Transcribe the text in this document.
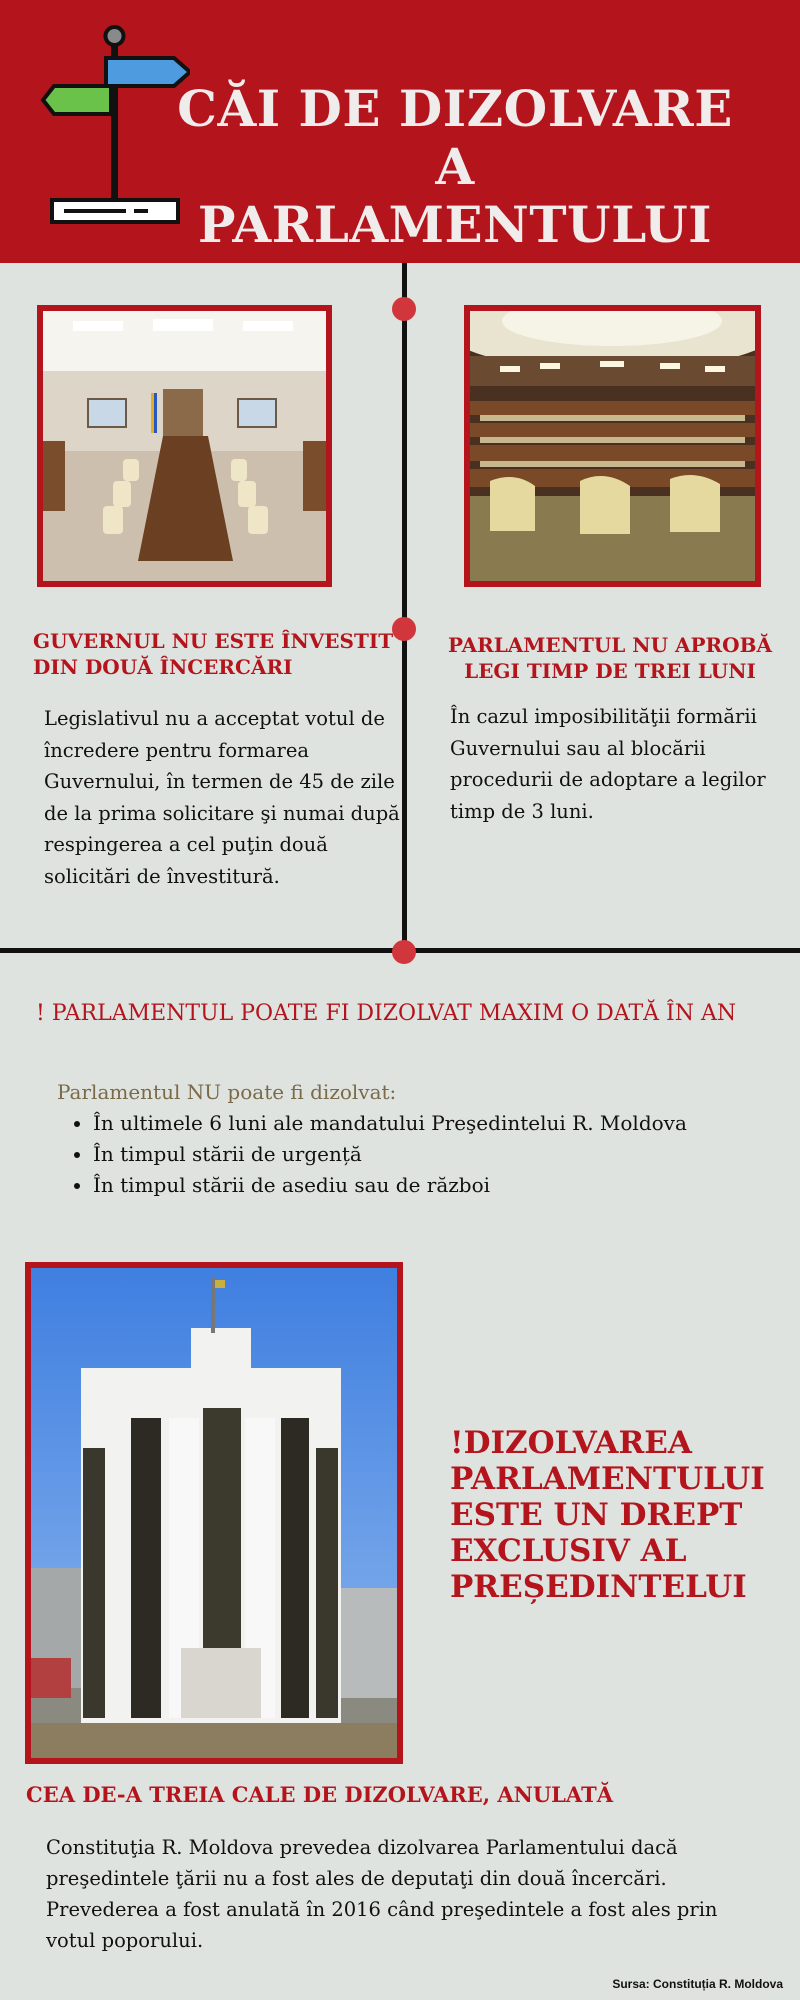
CĂI DE DIZOLVARE A
PARLAMENTULUI
GUVERNUL NU ESTE ÎNVESTIT
DIN DOUĂ ÎNCERCĂRI

Legislativul nu a acceptat votul de
încredere pentru formarea
Guvernului, în termen de 45 de zile
de la prima solicitare şi numai după
respingerea a cel puţin două
solicitări de învestitură.

PARLAMENTUL NU APROBĂ
LEGI TIMP DE TREI LUNI

În cazul imposibilităţii formării
Guvernului sau al blocării
procedurii de adoptare a legilor
timp de 3 luni.

! PARLAMENTUL POATE FI DIZOLVAT MAXIM O DATĂ ÎN AN

Parlamentul NU poate fi dizolvat:

• În ultimele 6 luni ale mandatului Preşedintelui R. Moldova
• În timpul stării de urgență
• În timpul stării de asediu sau de război

!DIZOLVAREA
PARLAMENTULUI
ESTE UN DREPT
EXCLUSIV AL
PREȘEDINTELUI

CEA DE-A TREIA CALE DE DIZOLVARE, ANULATĂ

Constituţia R. Moldova prevedea dizolvarea Parlamentului dacă
preşedintele ţării nu a fost ales de deputaţi din două încercări.
Prevederea a fost anulată în 2016 când preşedintele a fost ales prin
votul poporului.

Sursa: Constituția R. Moldova
